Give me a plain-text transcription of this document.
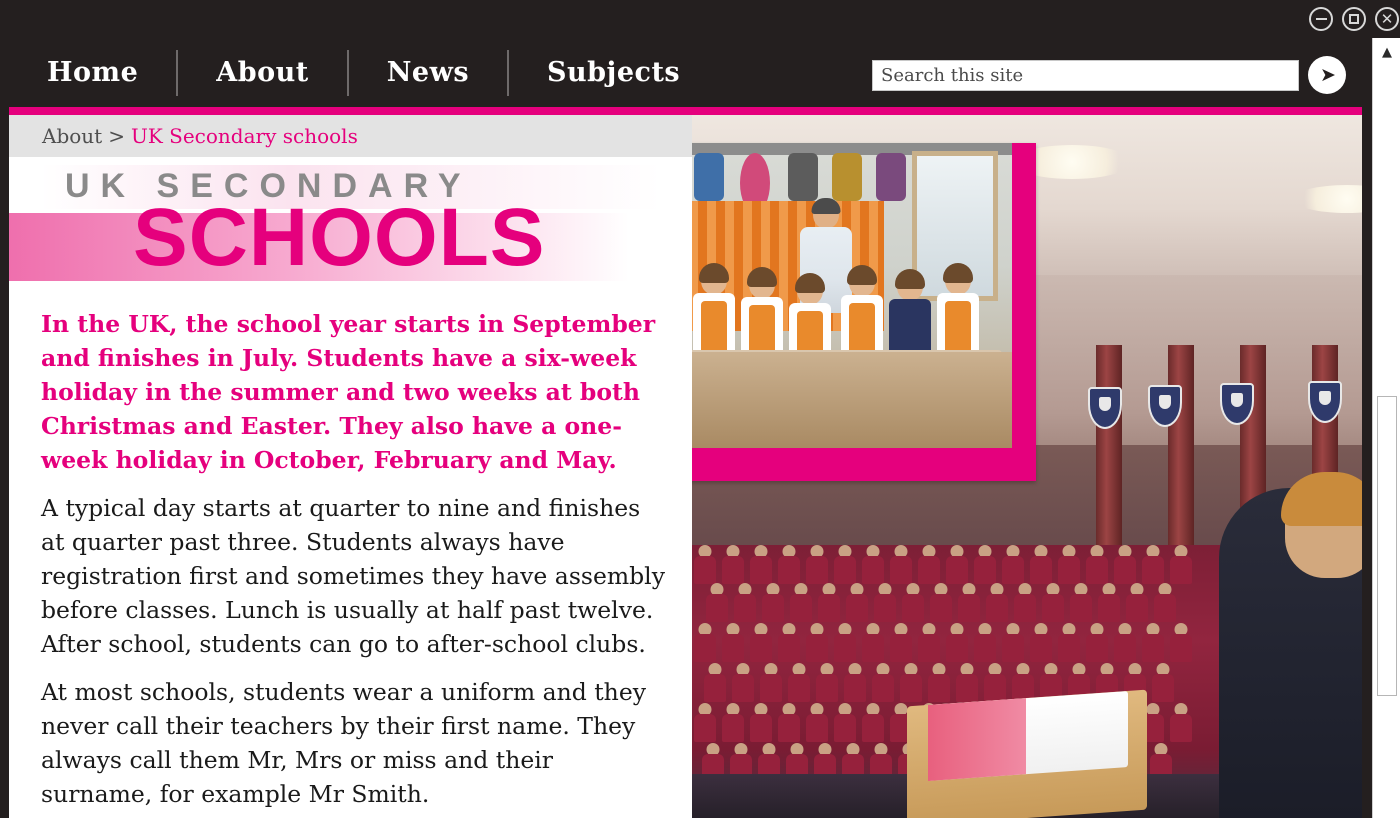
✕
Home	About	News	Subjects
Search this site	➤
About > UK Secondary schools
UK SECONDARY
SCHOOLS

In the UK, the school year starts in September and finishes in July. Students have a six-week holiday in the summer and two weeks at both Christmas and Easter. They also have a one-week holiday in October, February and May.

A typical day starts at quarter to nine and finishes at quarter past three. Students always have registration first and sometimes they have assembly before classes. Lunch is usually at half past twelve. After school, students can go to after-school clubs.

At most schools, students wear a uniform and they never call their teachers by their first name. They always call them Mr, Mrs or miss and their surname, for example Mr Smith.

▲
